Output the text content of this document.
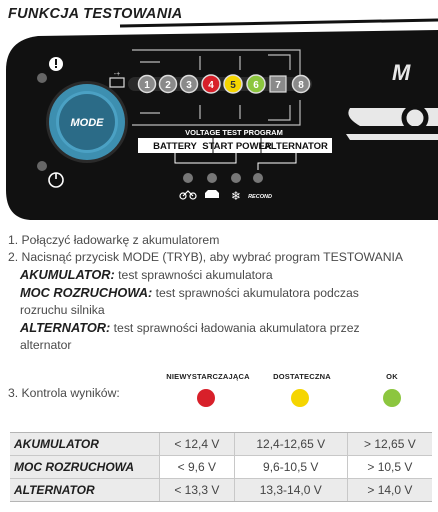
FUNKCJA TESTOWANIA
MODE
-+
1 2 3 4 5 6 7 8
M
VOLTAGE TEST PROGRAM
BATTERY START POWER
ALTERNATOR
❄ RECOND

1. Połączyć ładowarkę z akumulatorem

2. Nacisnąć przycisk MODE (TRYB), aby wybrać program TESTOWANIA

AKUMULATOR: test sprawności akumulatora

MOC ROZRUCHOWA: test sprawności akumulatora podczas

rozruchu silnika

ALTERNATOR: test sprawności ładowania akumulatora przez

alternator

3. Kontrola wyników:
NIEWYSTARCZAJĄCA	DOSTATECZNA	OK
AKUMULATOR	< 12,4 V	12,4-12,65 V	> 12,65 V
MOC ROZRUCHOWA	< 9,6 V	9,6-10,5 V	> 10,5 V
ALTERNATOR	< 13,3 V	13,3-14,0 V	> 14,0 V
